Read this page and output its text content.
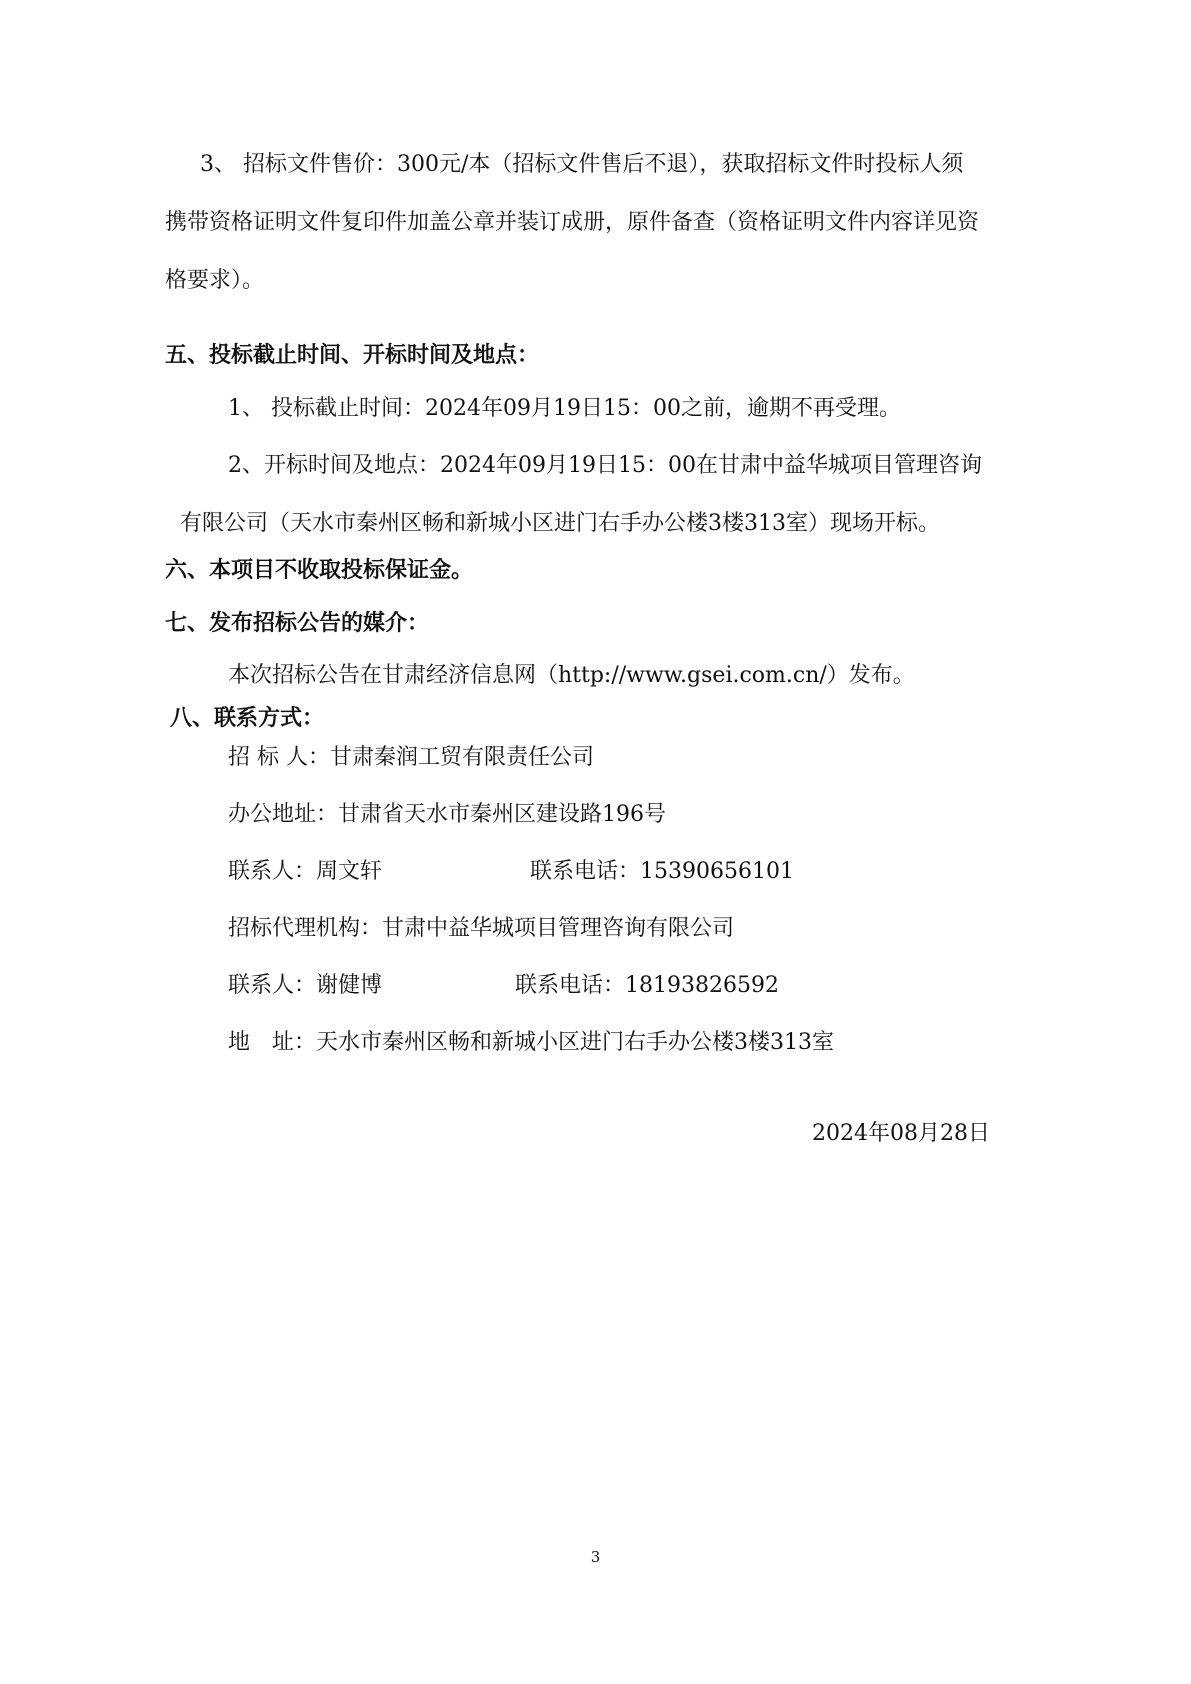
3、 招标文件售价：300元/本（招标文件售后不退），获取招标文件时投标人须
携带资格证明文件复印件加盖公章并装订成册，原件备查（资格证明文件内容详见资
格要求）。
五、投标截止时间、开标时间及地点：
1、 投标截止时间：2024年09月19日15：00之前，逾期不再受理。
2、开标时间及地点：2024年09月19日15：00在甘肃中益华城项目管理咨询
有限公司（天水市秦州区畅和新城小区进门右手办公楼3楼313室）现场开标。
六、本项目不收取投标保证金。
七、发布招标公告的媒介：
本次招标公告在甘肃经济信息网（http://www.gsei.com.cn/）发布。
八、联系方式：
招 标 人：甘肃秦润工贸有限责任公司
办公地址：甘肃省天水市秦州区建设路196号
联系人：周文轩	联系电话：15390656101
招标代理机构：甘肃中益华城项目管理咨询有限公司
联系人：谢健博	联系电话：18193826592
地　址：天水市秦州区畅和新城小区进门右手办公楼3楼313室
2024年08月28日
3
